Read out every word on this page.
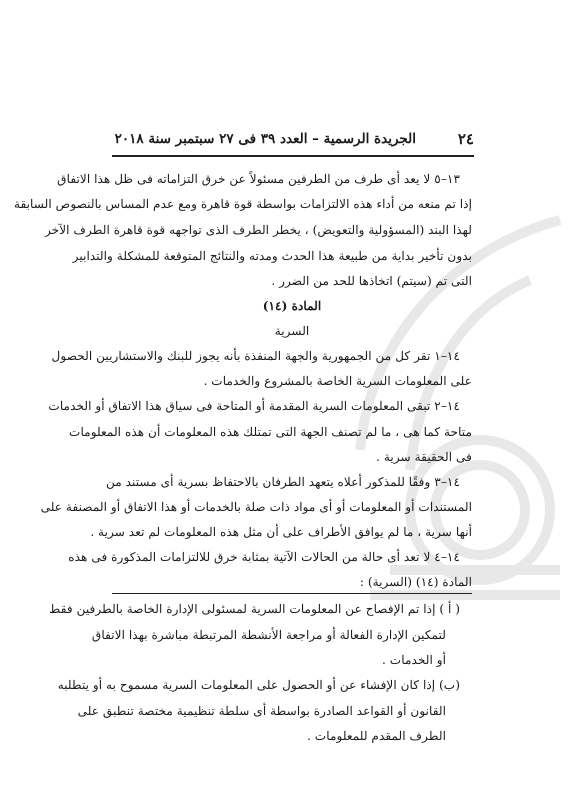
٢٤
الجريدة الرسمية – العدد ٣٩ فى ٢٧ سبتمبر سنة ٢٠١٨
١٣–٥ لا يعد أى طرف من الطرفين مسئولاً عن خرق التزاماته فى ظل هذا الاتفاق
إذا تم منعه من أداء هذه الالتزامات بواسطة قوة قاهرة ومع عدم المساس بالنصوص السابقة
لهذا البند (المسؤولية والتعويض) ، يخطر الطرف الذى تواجهه قوة قاهرة الطرف الآخر
بدون تأخير بداية من طبيعة هذا الحدث ومدته والنتائج المتوقعة للمشكلة والتدابير
التى تم (سيتم) اتخاذها للحد من الضرر .
المادة (١٤)
السرية
١٤–١ تقر كل من الجمهورية والجهة المنفذة بأنه يجوز للبنك والاستشاريين الحصول
على المعلومات السرية الخاصة بالمشروع والخدمات .
١٤–٢ تبقى المعلومات السرية المقدمة أو المتاحة فى سياق هذا الاتفاق أو الخدمات
متاحة كما هى ، ما لم تصنف الجهة التى تمتلك هذه المعلومات أن هذه المعلومات
فى الحقيقة سرية .
١٤–٣ وفقًا للمذكور أعلاه يتعهد الطرفان بالاحتفاظ بسرية أى مستند من
المستندات أو المعلومات أو أى مواد ذات صلة بالخدمات أو هذا الاتفاق أو المصنفة على
أنها سرية ، ما لم يوافق الأطراف على أن مثل هذه المعلومات لم تعد سرية .
١٤–٤ لا تعد أى حالة من الحالات الآتية بمثابة خرق للالتزامات المذكورة فى هذه
المادة (١٤) (السرية) :
( أ ) إذا تم الإفصاح عن المعلومات السرية لمسئولى الإدارة الخاصة بالطرفين فقط
لتمكين الإدارة الفعالة أو مراجعة الأنشطة المرتبطة مباشرة بهذا الاتفاق
أو الخدمات .
(ب) إذا كان الإفشاء عن أو الحصول على المعلومات السرية مسموح به أو يتطلبه
القانون أو القواعد الصادرة بواسطة أى سلطة تنظيمية مختصة تنطبق على
الطرف المقدم للمعلومات .
